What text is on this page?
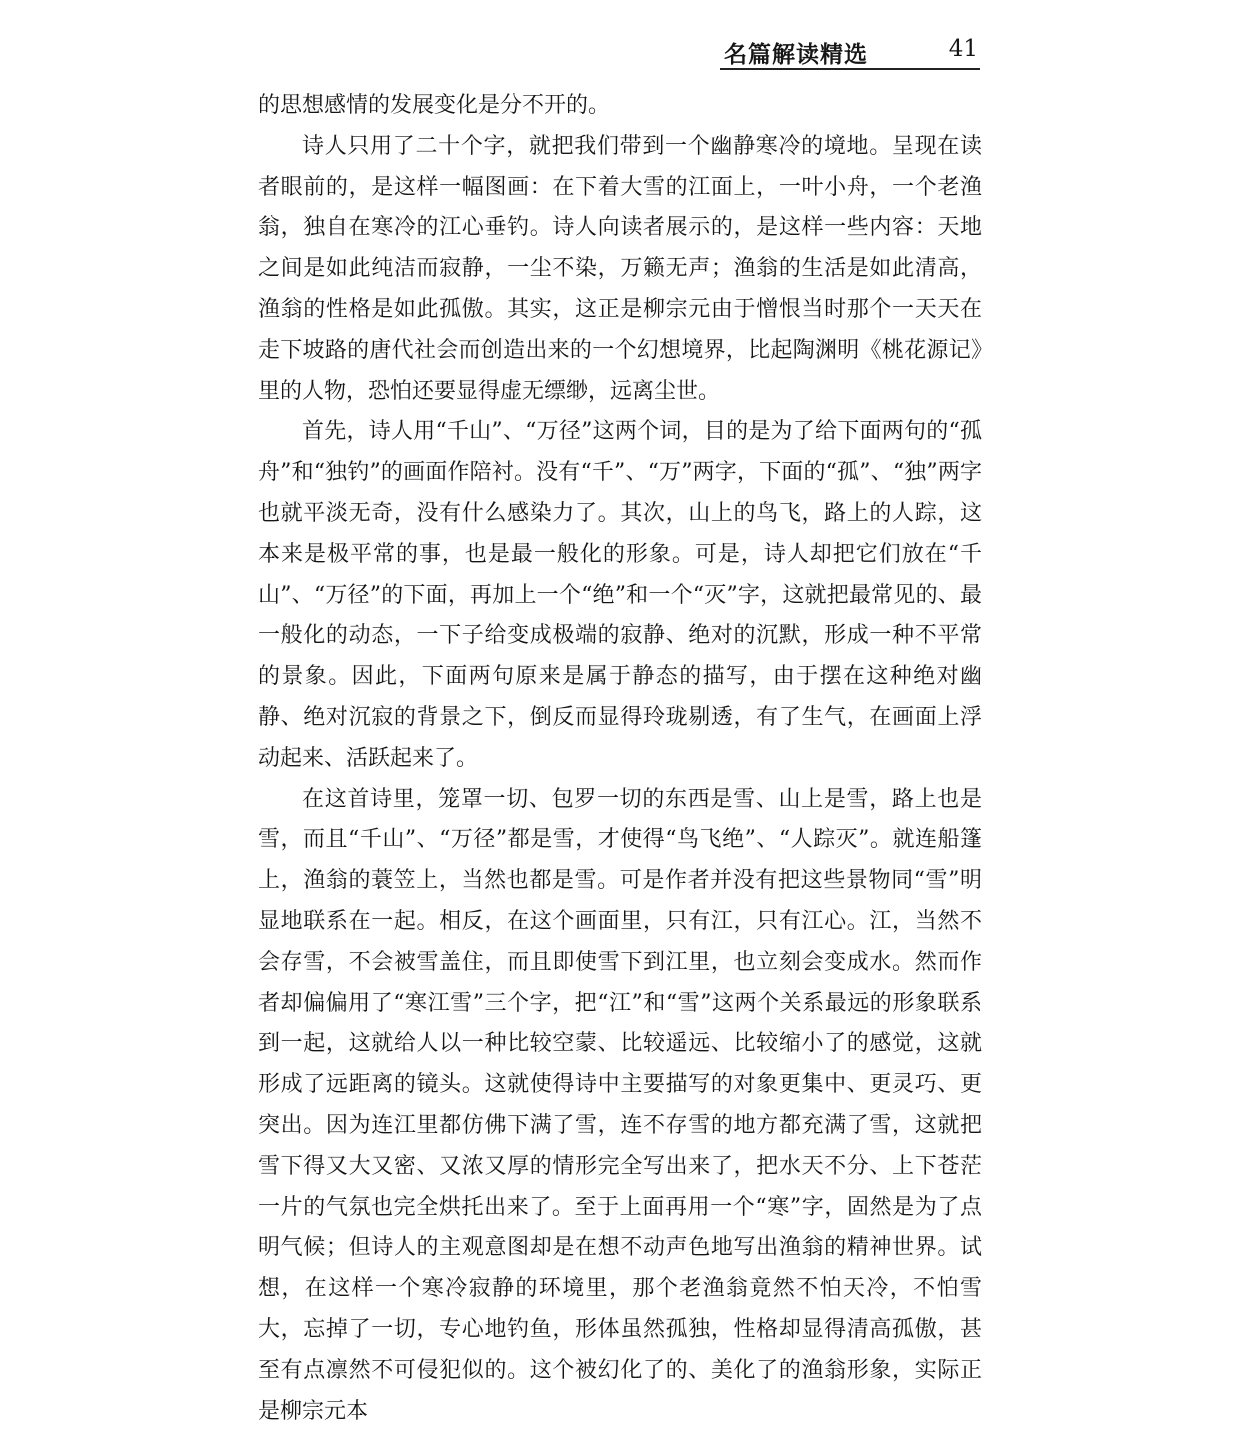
名篇解读精选	41

的思想感情的发展变化是分不开的。

诗人只用了二十个字，就把我们带到一个幽静寒冷的境地。呈现在读者眼前的，是这样一幅图画：在下着大雪的江面上，一叶小舟，一个老渔翁，独自在寒冷的江心垂钓。诗人向读者展示的，是这样一些内容：天地之间是如此纯洁而寂静，一尘不染，万籁无声；渔翁的生活是如此清高，渔翁的性格是如此孤傲。其实，这正是柳宗元由于憎恨当时那个一天天在走下坡路的唐代社会而创造出来的一个幻想境界，比起陶渊明《桃花源记》里的人物，恐怕还要显得虚无缥缈，远离尘世。

首先，诗人用“千山”、“万径”这两个词，目的是为了给下面两句的“孤舟”和“独钓”的画面作陪衬。没有“千”、“万”两字，下面的“孤”、“独”两字也就平淡无奇，没有什么感染力了。其次，山上的鸟飞，路上的人踪，这本来是极平常的事，也是最一般化的形象。可是，诗人却把它们放在“千山”、“万径”的下面，再加上一个“绝”和一个“灭”字，这就把最常见的、最一般化的动态，一下子给变成极端的寂静、绝对的沉默，形成一种不平常的景象。因此，下面两句原来是属于静态的描写，由于摆在这种绝对幽静、绝对沉寂的背景之下，倒反而显得玲珑剔透，有了生气，在画面上浮动起来、活跃起来了。

在这首诗里，笼罩一切、包罗一切的东西是雪、山上是雪，路上也是雪，而且“千山”、“万径”都是雪，才使得“鸟飞绝”、“人踪灭”。就连船篷上，渔翁的蓑笠上，当然也都是雪。可是作者并没有把这些景物同“雪”明显地联系在一起。相反，在这个画面里，只有江，只有江心。江，当然不会存雪，不会被雪盖住，而且即使雪下到江里，也立刻会变成水。然而作者却偏偏用了“寒江雪”三个字，把“江”和“雪”这两个关系最远的形象联系到一起，这就给人以一种比较空蒙、比较遥远、比较缩小了的感觉，这就形成了远距离的镜头。这就使得诗中主要描写的对象更集中、更灵巧、更突出。因为连江里都仿佛下满了雪，连不存雪的地方都充满了雪，这就把雪下得又大又密、又浓又厚的情形完全写出来了，把水天不分、上下苍茫一片的气氛也完全烘托出来了。至于上面再用一个“寒”字，固然是为了点明气候；但诗人的主观意图却是在想不动声色地写出渔翁的精神世界。试想，在这样一个寒冷寂静的环境里，那个老渔翁竟然不怕天冷，不怕雪大，忘掉了一切，专心地钓鱼，形体虽然孤独，性格却显得清高孤傲，甚至有点凛然不可侵犯似的。这个被幻化了的、美化了的渔翁形象，实际正是柳宗元本
